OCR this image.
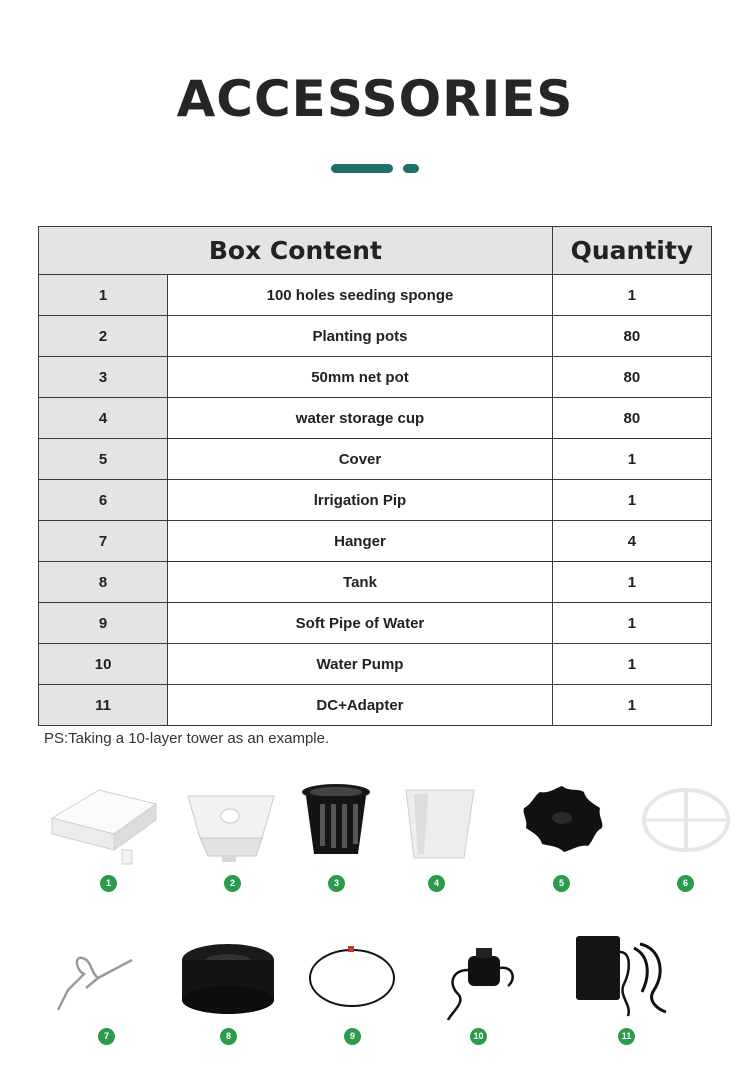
ACCESSORIES
Box Content		Quantity
1	100 holes seeding sponge	1
2	Planting pots	80
3	50mm net pot	80
4	water storage cup	80
5	Cover	1
6	lrrigation Pip	1
7	Hanger	4
8	Tank	1
9	Soft Pipe of Water	1
10	Water Pump	1
11	DC+Adapter	1
PS:Taking a 10-layer tower as an example.
1	2	3	4	5	6
7	8	9	10	11
